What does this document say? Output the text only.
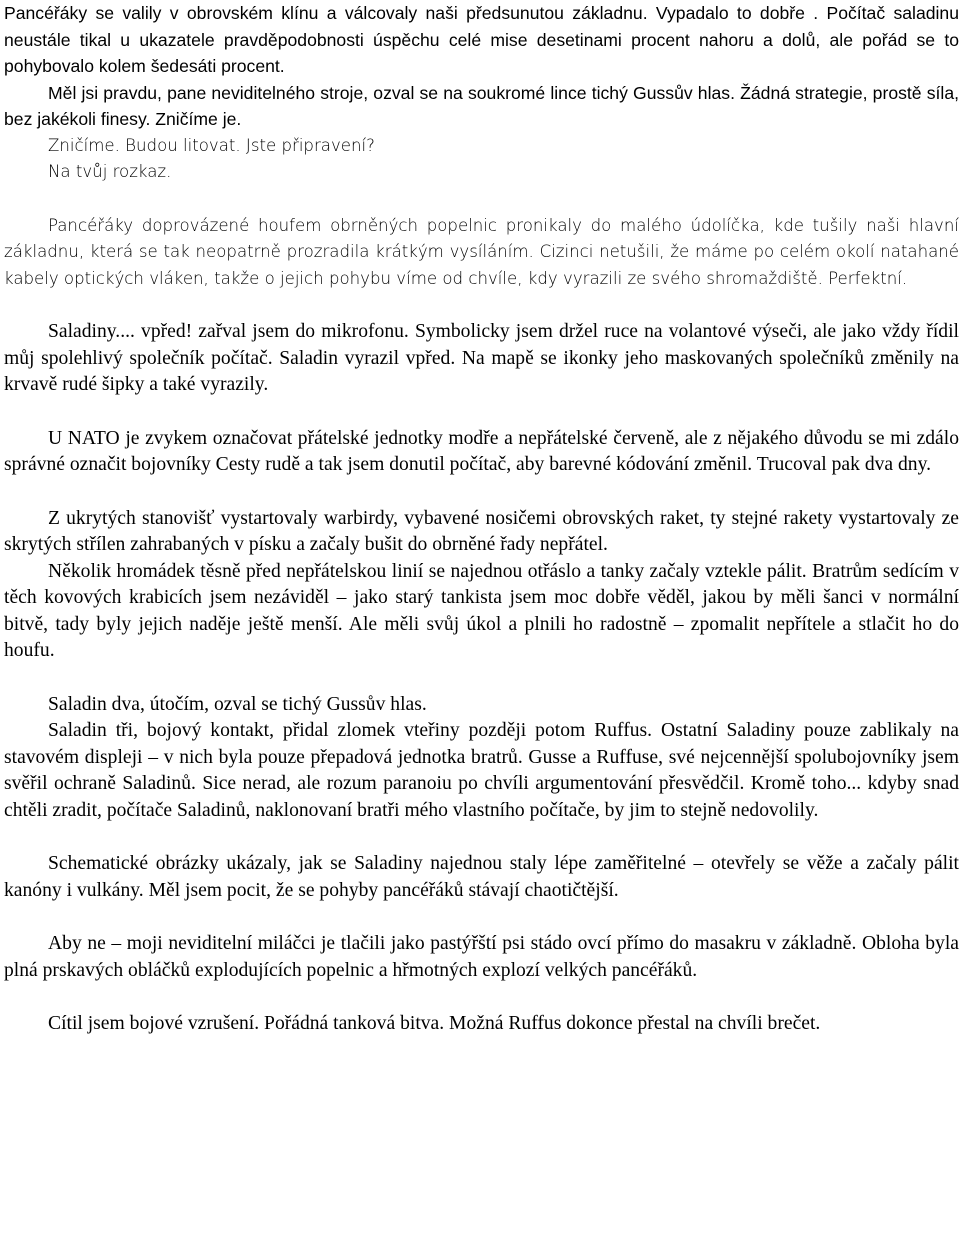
Pancéřáky se valily v obrovském klínu a válcovaly naši předsunutou základnu. Vypadalo to dobře . Počítač saladinu neustále tikal u ukazatele pravděpodobnosti úspěchu celé mise desetinami procent nahoru a dolů, ale pořád se to pohybovalo kolem šedesáti procent.

Měl jsi pravdu, pane neviditelného stroje, ozval se na soukromé lince tichý Gussův hlas. Žádná strategie, prostě síla, bez jakékoli finesy. Zničíme je.

Zničíme. Budou litovat. Jste připravení?

Na tvůj rozkaz.

Pancéřáky doprovázené houfem obrněných popelnic pronikaly do malého údolíčka, kde tušily naši hlavní základnu, která se tak neopatrně prozradila krátkým vysíláním. Cizinci netušili, že máme po celém okolí natahané kabely optických vláken, takže o jejich pohybu víme od chvíle, kdy vyrazili ze svého shromaždiště. Perfektní.

Saladiny.... vpřed! zařval jsem do mikrofonu. Symbolicky jsem držel ruce na volantové výseči, ale jako vždy řídil můj spolehlivý společník počítač. Saladin vyrazil vpřed. Na mapě se ikonky jeho maskovaných společníků změnily na krvavě rudé šipky a také vyrazily.

U NATO je zvykem označovat přátelské jednotky modře a nepřátelské červeně, ale z nějakého důvodu se mi zdálo správné označit bojovníky Cesty rudě a tak jsem donutil počítač, aby barevné kódování změnil. Trucoval pak dva dny.

Z ukrytých stanovišť vystartovaly warbirdy, vybavené nosičemi obrovských raket, ty stejné rakety vystartovaly ze skrytých střílen zahrabaných v písku a začaly bušit do obrněné řady nepřátel.

Několik hromádek těsně před nepřátelskou linií se najednou otřáslo a tanky začaly vztekle pálit. Bratrům sedícím v těch kovových krabicích jsem nezáviděl – jako starý tankista jsem moc dobře věděl, jakou by měli šanci v normální bitvě, tady byly jejich naděje ještě menší. Ale měli svůj úkol a plnili ho radostně – zpomalit nepřítele a stlačit ho do houfu.

Saladin dva, útočím, ozval se tichý Gussův hlas.

Saladin tři, bojový kontakt, přidal zlomek vteřiny později potom Ruffus. Ostatní Saladiny pouze zablikaly na stavovém displeji – v nich byla pouze přepadová jednotka bratrů. Gusse a Ruffuse, své nejcennější spolubojovníky jsem svěřil ochraně Saladinů. Sice nerad, ale rozum paranoiu po chvíli argumentování přesvědčil. Kromě toho... kdyby snad chtěli zradit, počítače Saladinů, naklonovaní bratři mého vlastního počítače, by jim to stejně nedovolily.

Schematické obrázky ukázaly, jak se Saladiny najednou staly lépe zaměřitelné – otevřely se věže a začaly pálit kanóny i vulkány. Měl jsem pocit, že se pohyby pancéřáků stávají chaotičtější.

Aby ne – moji neviditelní miláčci je tlačili jako pastýřští psi stádo ovcí přímo do masakru v základně. Obloha byla plná prskavých obláčků explodujících popelnic a hřmotných explozí velkých pancéřáků.

Cítil jsem bojové vzrušení. Pořádná tanková bitva. Možná Ruffus dokonce přestal na chvíli brečet.
